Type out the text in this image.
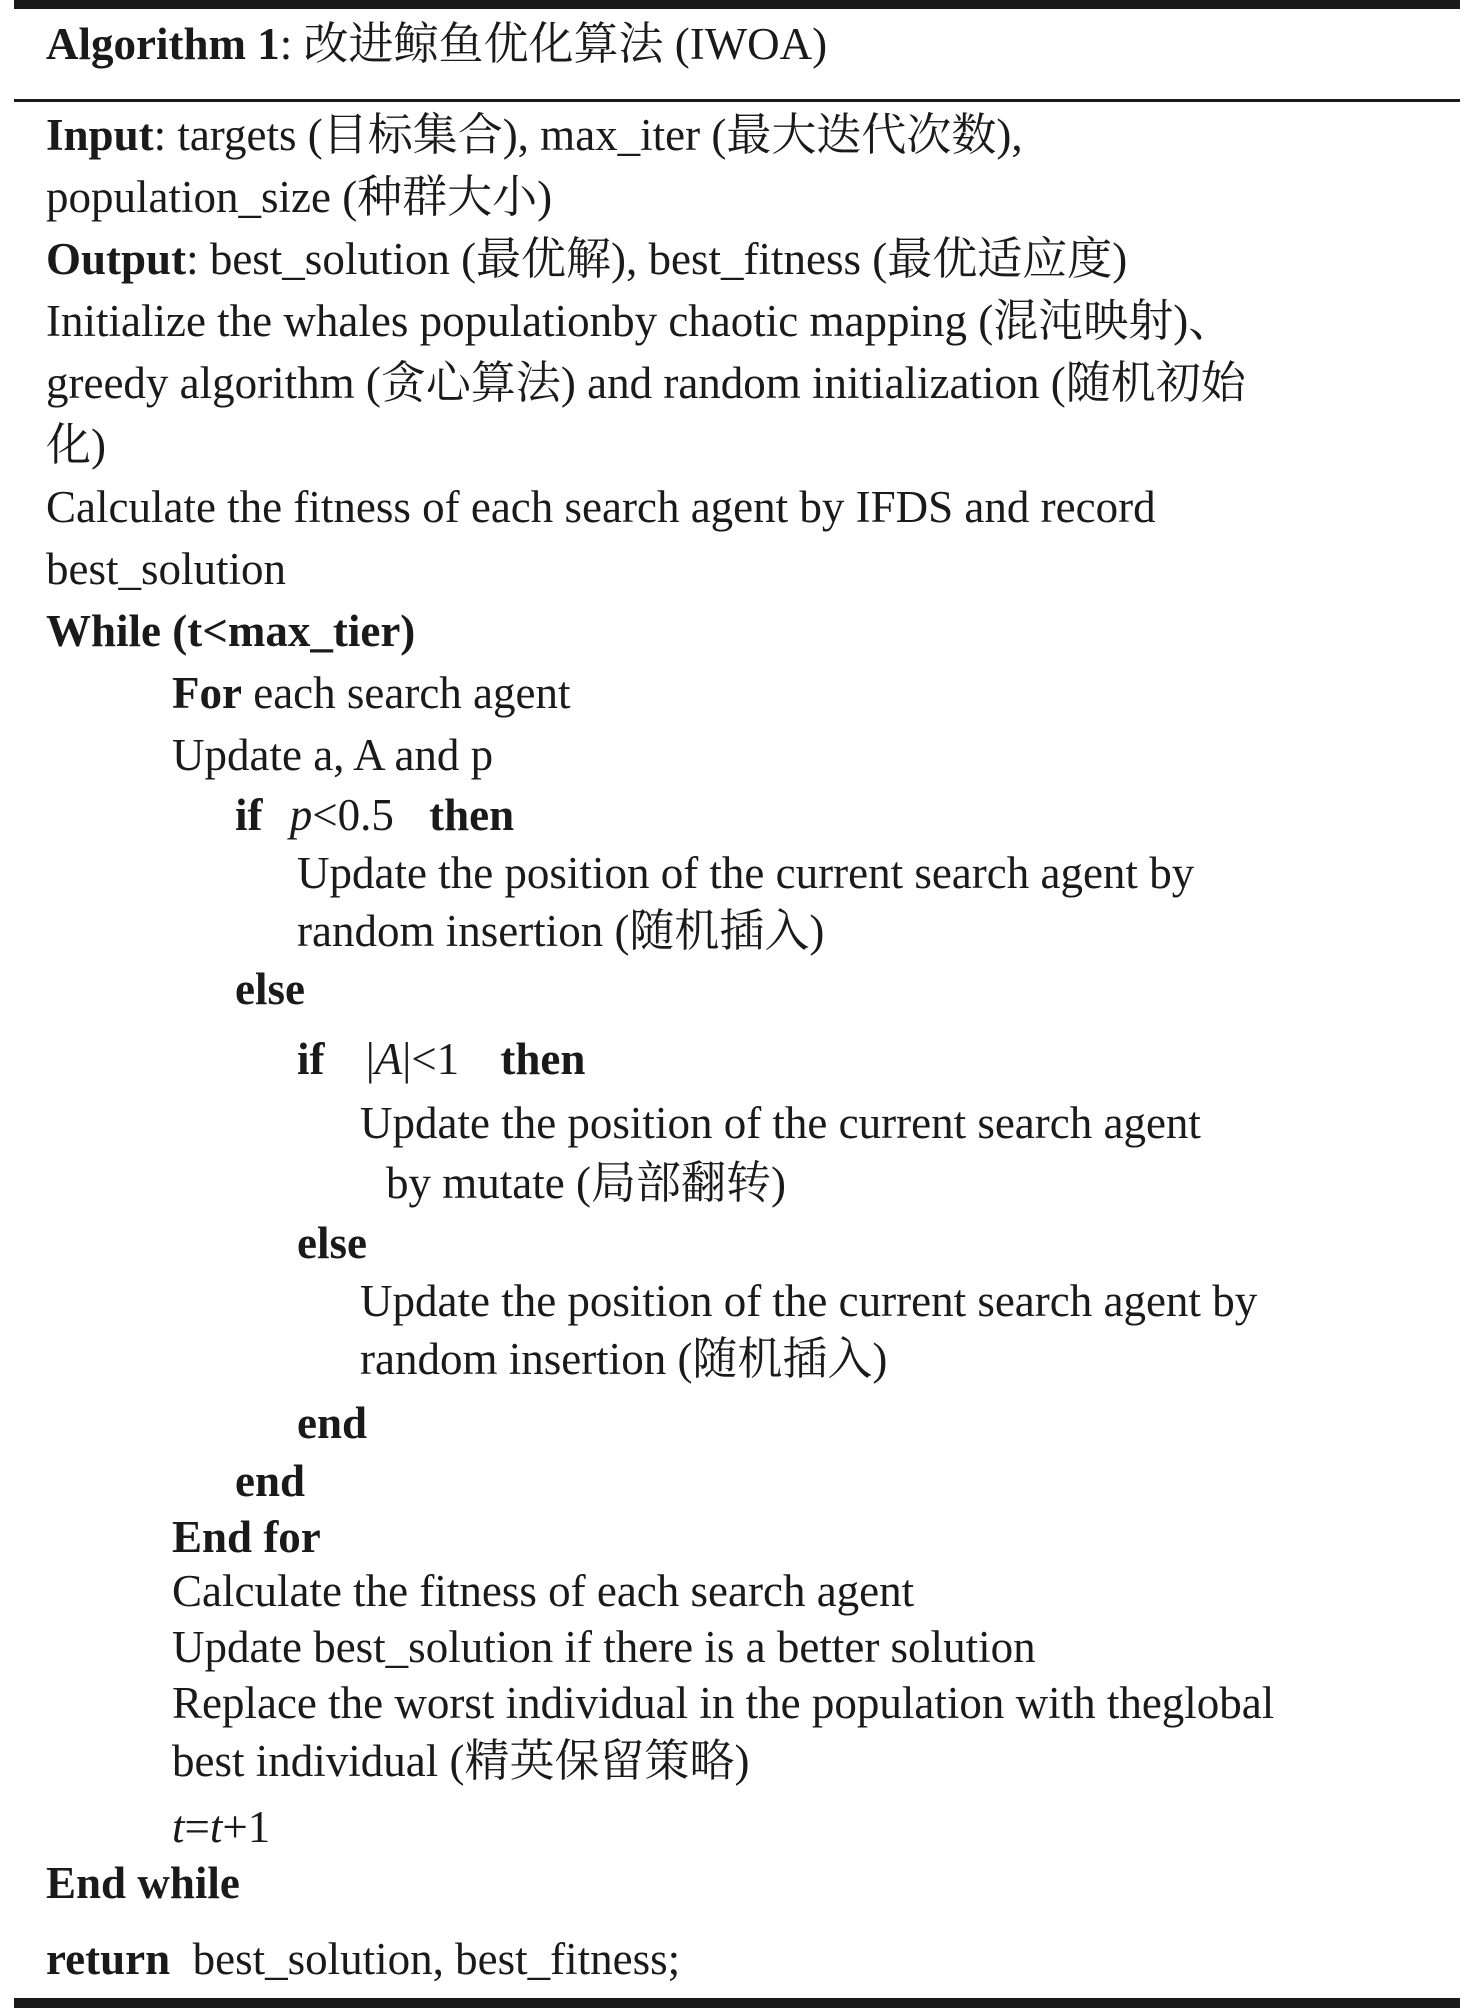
Algorithm 1: 改进鲸鱼优化算法 (IWOA)
Input: targets (目标集合), max_iter (最大迭代次数),
population_size (种群大小)
Output: best_solution (最优解), best_fitness (最优适应度)
Initialize the whales populationby chaotic mapping (混沌映射)、
greedy algorithm (贪心算法) and random initialization (随机初始
化)
Calculate the fitness of each search agent by IFDS and record
best_solution
While (t<max_tier)
For each search agent
Update a, A and p
if p<0.5 then
Update the position of the current search agent by
random insertion (随机插入)
else
if |A|<1 then
Update the position of the current search agent
by mutate (局部翻转)
else
Update the position of the current search agent by
random insertion (随机插入)
end
end
End for
Calculate the fitness of each search agent
Update best_solution if there is a better solution
Replace the worst individual in the population with theglobal
best individual (精英保留策略)
t=t+1
End while
return  best_solution, best_fitness;
